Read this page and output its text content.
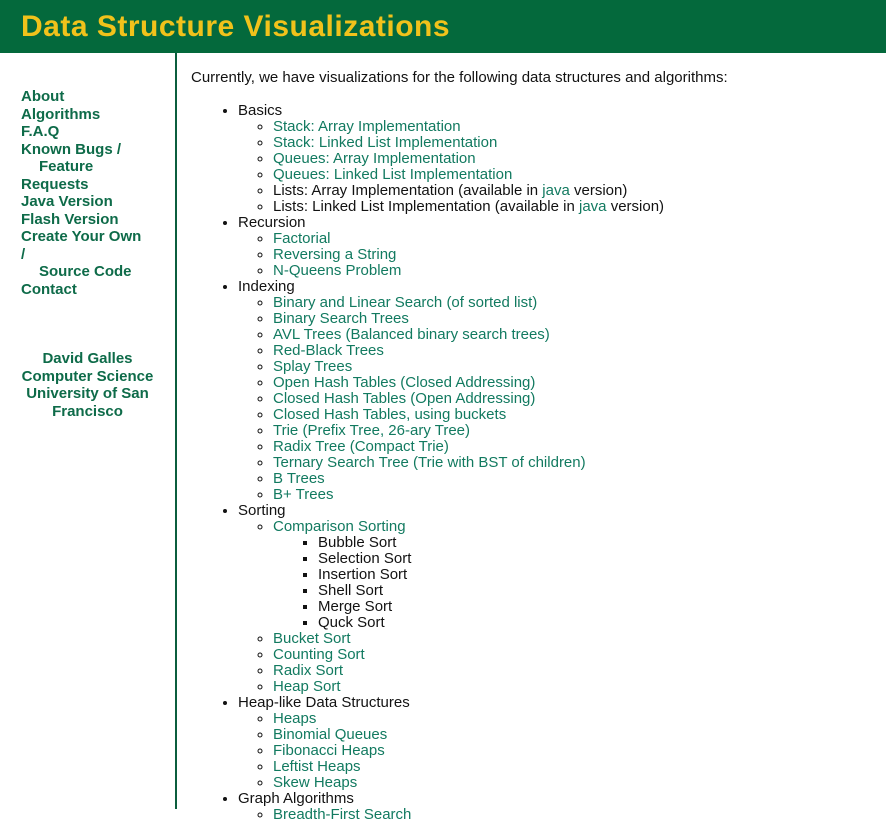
Data Structure Visualizations
About
Algorithms
F.A.Q
Known Bugs /
Feature
Requests
Java Version
Flash Version
Create Your Own
/
Source Code
Contact
David Galles
Computer Science
University of San
Francisco

Currently, we have visualizations for the following data structures and algorithms:

• Basics
◦ Stack: Array Implementation
◦ Stack: Linked List Implementation
◦ Queues: Array Implementation
◦ Queues: Linked List Implementation
◦ Lists: Array Implementation (available in java version)
◦ Lists: Linked List Implementation (available in java version)
• Recursion
◦ Factorial
◦ Reversing a String
◦ N-Queens Problem
• Indexing
◦ Binary and Linear Search (of sorted list)
◦ Binary Search Trees
◦ AVL Trees (Balanced binary search trees)
◦ Red-Black Trees
◦ Splay Trees
◦ Open Hash Tables (Closed Addressing)
◦ Closed Hash Tables (Open Addressing)
◦ Closed Hash Tables, using buckets
◦ Trie (Prefix Tree, 26-ary Tree)
◦ Radix Tree (Compact Trie)
◦ Ternary Search Tree (Trie with BST of children)
◦ B Trees
◦ B+ Trees
• Sorting
◦ Comparison Sorting
▪ Bubble Sort
▪ Selection Sort
▪ Insertion Sort
▪ Shell Sort
▪ Merge Sort
▪ Quck Sort
◦ Bucket Sort
◦ Counting Sort
◦ Radix Sort
◦ Heap Sort
• Heap-like Data Structures
◦ Heaps
◦ Binomial Queues
◦ Fibonacci Heaps
◦ Leftist Heaps
◦ Skew Heaps
• Graph Algorithms
◦ Breadth-First Search
